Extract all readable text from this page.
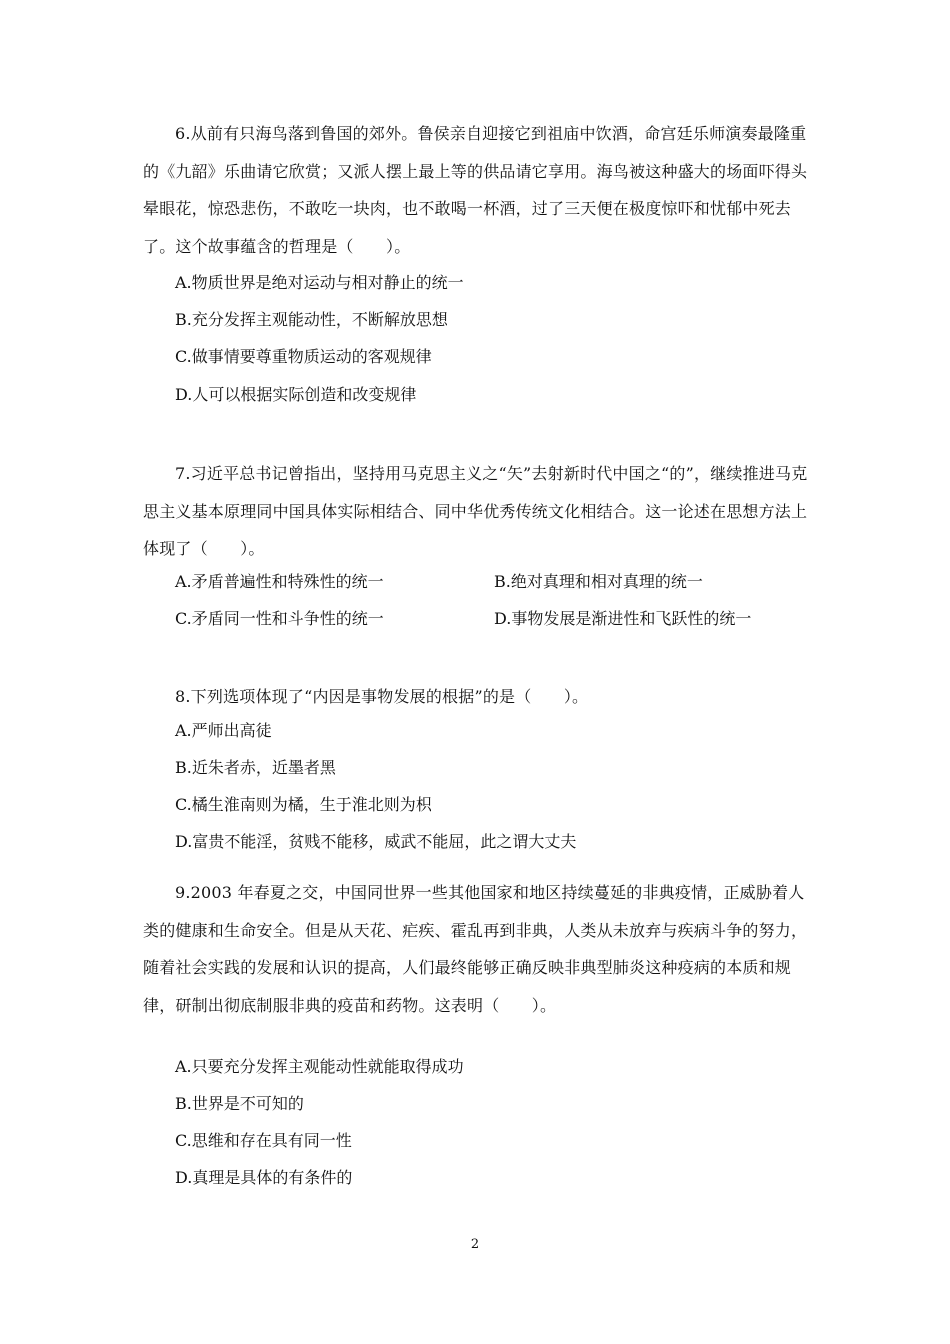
6.从前有只海鸟落到鲁国的郊外。鲁侯亲自迎接它到祖庙中饮酒，命宫廷乐师演奏最隆重的《九韶》乐曲请它欣赏；又派人摆上最上等的供品请它享用。海鸟被这种盛大的场面吓得头晕眼花，惊恐悲伤，不敢吃一块肉，也不敢喝一杯酒，过了三天便在极度惊吓和忧郁中死去了。这个故事蕴含的哲理是（　　）。

A.物质世界是绝对运动与相对静止的统一
B.充分发挥主观能动性，不断解放思想
C.做事情要尊重物质运动的客观规律
D.人可以根据实际创造和改变规律

7.习近平总书记曾指出，坚持用马克思主义之“矢”去射新时代中国之“的”，继续推进马克思主义基本原理同中国具体实际相结合、同中华优秀传统文化相结合。这一论述在思想方法上体现了（　　）。

A.矛盾普遍性和特殊性的统一	B.绝对真理和相对真理的统一
C.矛盾同一性和斗争性的统一	D.事物发展是渐进性和飞跃性的统一

8.下列选项体现了“内因是事物发展的根据”的是（　　）。

A.严师出高徒
B.近朱者赤，近墨者黑
C.橘生淮南则为橘，生于淮北则为枳
D.富贵不能淫，贫贱不能移，威武不能屈，此之谓大丈夫

9.2003 年春夏之交，中国同世界一些其他国家和地区持续蔓延的非典疫情，正威胁着人类的健康和生命安全。但是从天花、疟疾、霍乱再到非典，人类从未放弃与疾病斗争的努力，随着社会实践的发展和认识的提高，人们最终能够正确反映非典型肺炎这种疫病的本质和规律，研制出彻底制服非典的疫苗和药物。这表明（　　）。

A.只要充分发挥主观能动性就能取得成功
B.世界是不可知的
C.思维和存在具有同一性
D.真理是具体的有条件的
2
